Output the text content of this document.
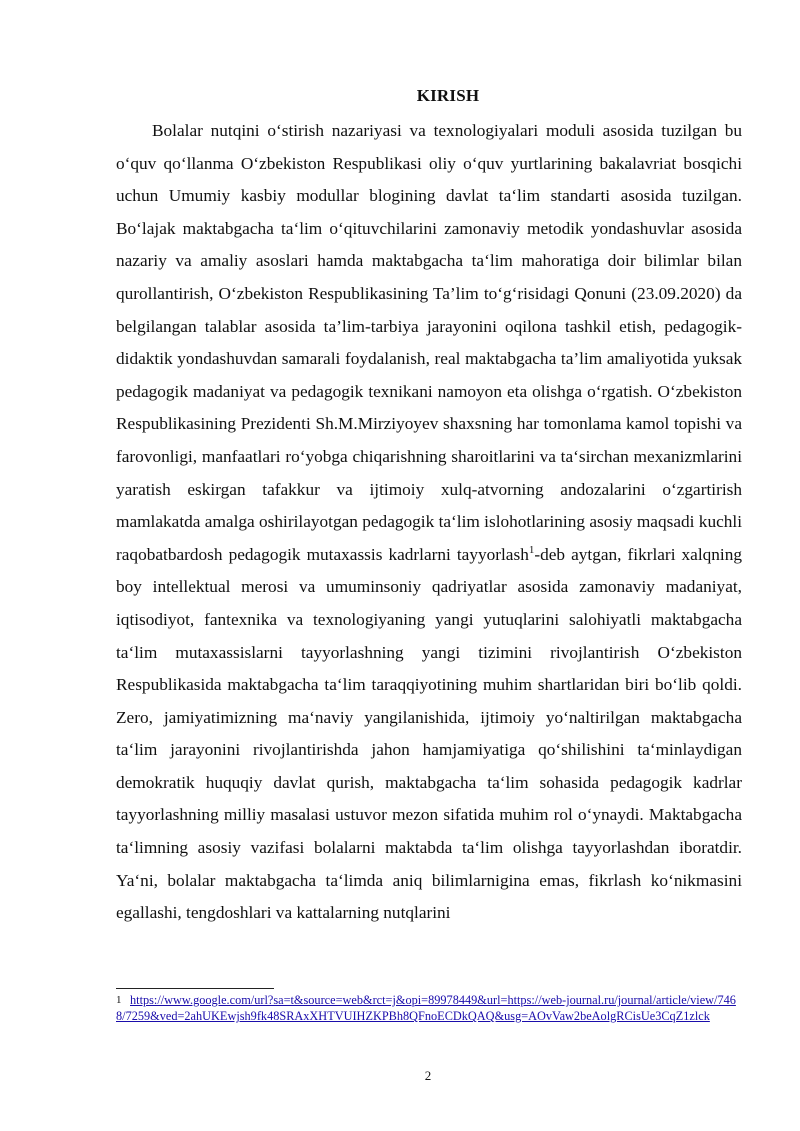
KIRISH

Bolalar nutqini o‘stirish nazariyasi va texnologiyalari moduli asosida tuzilgan bu o‘quv qo‘llanma O‘zbekiston Respublikasi oliy o‘quv yurtlarining bakalavriat bosqichi uchun Umumiy kasbiy modullar blogining davlat ta‘lim standarti asosida tuzilgan. Bo‘lajak maktabgacha ta‘lim o‘qituvchilarini zamonaviy metodik yondashuvlar asosida nazariy va amaliy asoslari hamda maktabgacha ta‘lim mahoratiga doir bilimlar bilan qurollantirish, O‘zbekiston Respublikasining Ta’lim to‘g‘risidagi Qonuni (23.09.2020) da belgilangan talablar asosida ta’lim-tarbiya jarayonini oqilona tashkil etish, pedagogik-didaktik yondashuvdan samarali foydalanish, real maktabgacha ta’lim amaliyotida yuksak pedagogik madaniyat va pedagogik texnikani namoyon eta olishga o‘rgatish. O‘zbekiston Respublikasining Prezidenti Sh.M.Mirziyoyev shaxsning har tomonlama kamol topishi va farovonligi, manfaatlari ro‘yobga chiqarishning sharoitlarini va ta‘sirchan mexanizmlarini yaratish eskirgan tafakkur va ijtimoiy xulq-atvorning andozalarini o‘zgartirish mamlakatda amalga oshirilayotgan pedagogik ta‘lim islohotlarining asosiy maqsadi kuchli raqobatbardosh pedagogik mutaxassis kadrlarni tayyorlash$^1$-deb aytgan, fikrlari xalqning boy intellektual merosi va umuminsoniy qadriyatlar asosida zamonaviy madaniyat, iqtisodiyot, fantexnika va texnologiyaning yangi yutuqlarini salohiyatli maktabgacha ta‘lim mutaxassislarni tayyorlashning yangi tizimini rivojlantirish O‘zbekiston Respublikasida maktabgacha ta‘lim taraqqiyotining muhim shartlaridan biri bo‘lib qoldi. Zero, jamiyatimizning ma‘naviy yangilanishida, ijtimoiy yo‘naltirilgan maktabgacha ta‘lim jarayonini rivojlantirishda jahon hamjamiyatiga qo‘shilishini ta‘minlaydigan demokratik huquqiy davlat qurish, maktabgacha ta‘lim sohasida pedagogik kadrlar tayyorlashning milliy masalasi ustuvor mezon sifatida muhim rol o‘ynaydi. Maktabgacha ta‘limning asosiy vazifasi bolalarni maktabda ta‘lim olishga tayyorlashdan iboratdir. Ya‘ni, bolalar maktabgacha ta‘limda aniq bilimlarnigina emas, fikrlash ko‘nikmasini egallashi, tengdoshlari va kattalarning nutqlarini

1 https://www.google.com/url?sa=t&source=web&rct=j&opi=89978449&url=https://web-journal.ru/journal/article/view/7468/7259&ved=2ahUKEwjsh9fk48SRAxXHTVUIHZKPBh8QFnoECDkQAQ&usg=AOvVaw2beAolgRCisUe3CqZ1zlck

2
